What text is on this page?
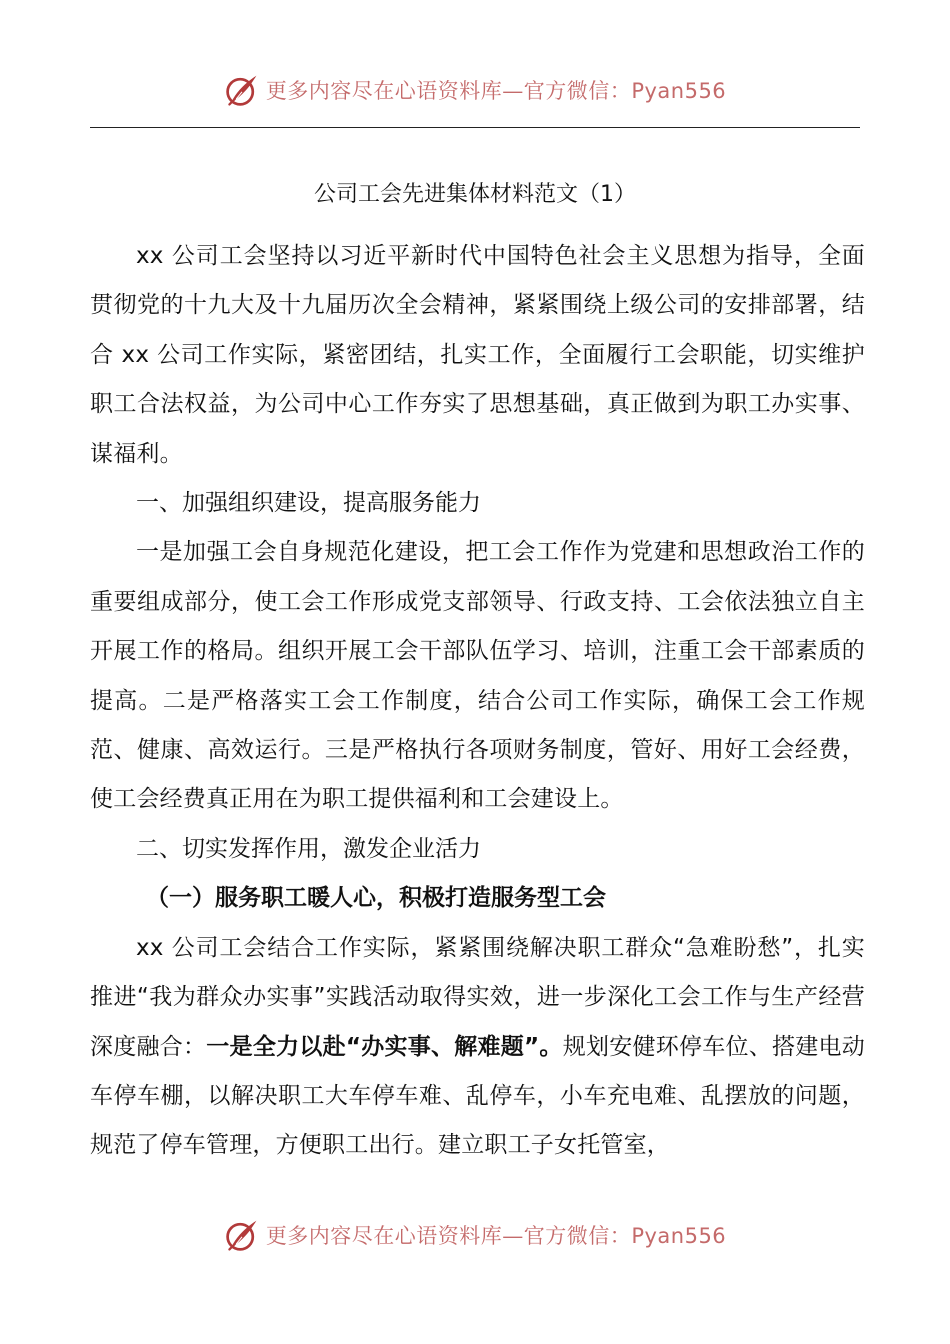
更多内容尽在心语资料库—官方微信：Pyan556
公司工会先进集体材料范文（1）

xx 公司工会坚持以习近平新时代中国特色社会主义思想为指导，全面贯彻党的十九大及十九届历次全会精神，紧紧围绕上级公司的安排部署，结合 xx 公司工作实际，紧密团结，扎实工作，全面履行工会职能，切实维护职工合法权益，为公司中心工作夯实了思想基础，真正做到为职工办实事、谋福利。

一、加强组织建设，提高服务能力

一是加强工会自身规范化建设，把工会工作作为党建和思想政治工作的重要组成部分，使工会工作形成党支部领导、行政支持、工会依法独立自主开展工作的格局。组织开展工会干部队伍学习、培训，注重工会干部素质的提高。二是严格落实工会工作制度，结合公司工作实际，确保工会工作规范、健康、高效运行。三是严格执行各项财务制度，管好、用好工会经费，使工会经费真正用在为职工提供福利和工会建设上。

二、切实发挥作用，激发企业活力

（一）服务职工暖人心，积极打造服务型工会

xx 公司工会结合工作实际，紧紧围绕解决职工群众“急难盼愁”，扎实推进“我为群众办实事”实践活动取得实效，进一步深化工会工作与生产经营深度融合：一是全力以赴“办实事、解难题”。规划安健环停车位、搭建电动车停车棚，以解决职工大车停车难、乱停车，小车充电难、乱摆放的问题，规范了停车管理，方便职工出行。建立职工子女托管室，

更多内容尽在心语资料库—官方微信：Pyan556
